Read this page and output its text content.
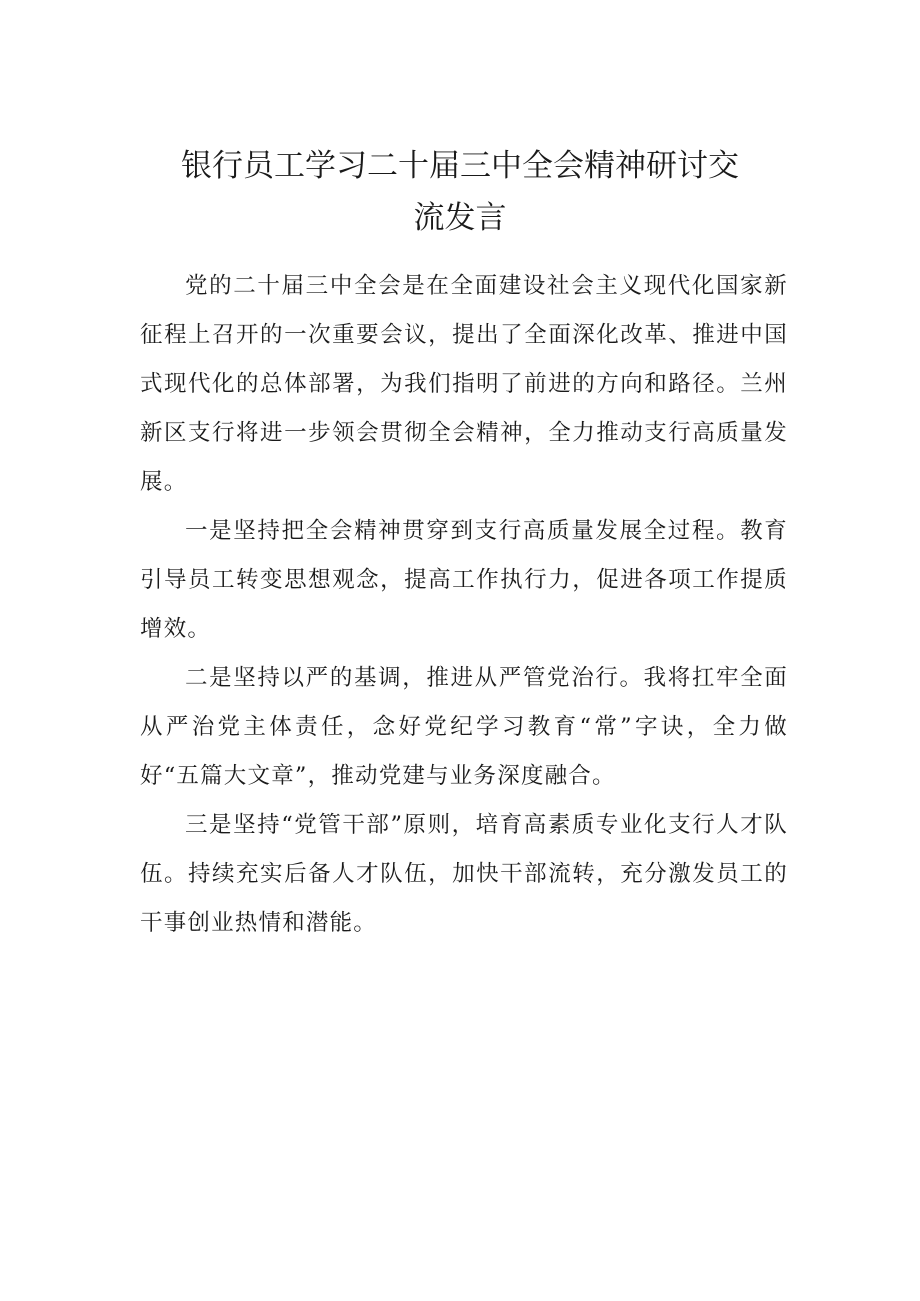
银行员工学习二十届三中全会精神研讨交
流发言

党的二十届三中全会是在全面建设社会主义现代化国家新征程上召开的一次重要会议，提出了全面深化改革、推进中国式现代化的总体部署，为我们指明了前进的方向和路径。兰州新区支行将进一步领会贯彻全会精神，全力推动支行高质量发展。

一是坚持把全会精神贯穿到支行高质量发展全过程。教育引导员工转变思想观念，提高工作执行力，促进各项工作提质增效。

二是坚持以严的基调，推进从严管党治行。我将扛牢全面从严治党主体责任，念好党纪学习教育“常”字诀，全力做好“五篇大文章”，推动党建与业务深度融合。

三是坚持“党管干部”原则，培育高素质专业化支行人才队伍。持续充实后备人才队伍，加快干部流转，充分激发员工的干事创业热情和潜能。
